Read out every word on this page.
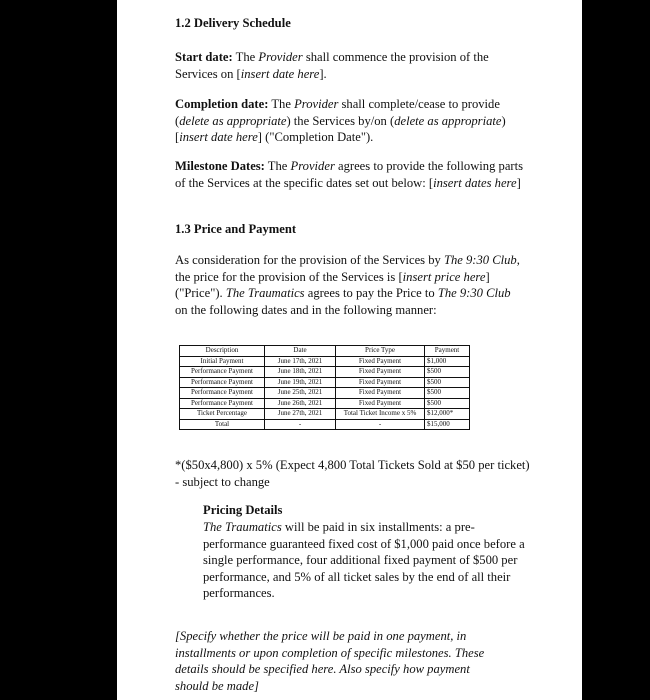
1.2 Delivery Schedule
Start date: The Provider shall commence the provision of the Services on [insert date here].
Completion date: The Provider shall complete/cease to provide (delete as appropriate) the Services by/on (delete as appropriate) [insert date here] ("Completion Date").
Milestone Dates: The Provider agrees to provide the following parts of the Services at the specific dates set out below: [insert dates here]
1.3 Price and Payment
As consideration for the provision of the Services by The 9:30 Club, the price for the provision of the Services is [insert price here] ("Price"). The Traumatics agrees to pay the Price to The 9:30 Club on the following dates and in the following manner:
Description	Date	Price Type	Payment
Initial Payment	June 17th, 2021	Fixed Payment	$1,000
Performance Payment	June 18th, 2021	Fixed Payment	$500
Performance Payment	June 19th, 2021	Fixed Payment	$500
Performance Payment	June 25th, 2021	Fixed Payment	$500
Performance Payment	June 26th, 2021	Fixed Payment	$500
Ticket Percentage	June 27th, 2021	Total Ticket Income x 5%	$12,000*
Total	-	-	$15,000
*($50x4,800) x 5% (Expect 4,800 Total Tickets Sold at $50 per ticket) - subject to change
Pricing Details
The Traumatics will be paid in six installments: a pre-performance guaranteed fixed cost of $1,000 paid once before a single performance, four additional fixed payment of $500 per performance, and 5% of all ticket sales by the end of all their performances.
[Specify whether the price will be paid in one payment, in installments or upon completion of specific milestones. These details should be specified here. Also specify how payment should be made]
